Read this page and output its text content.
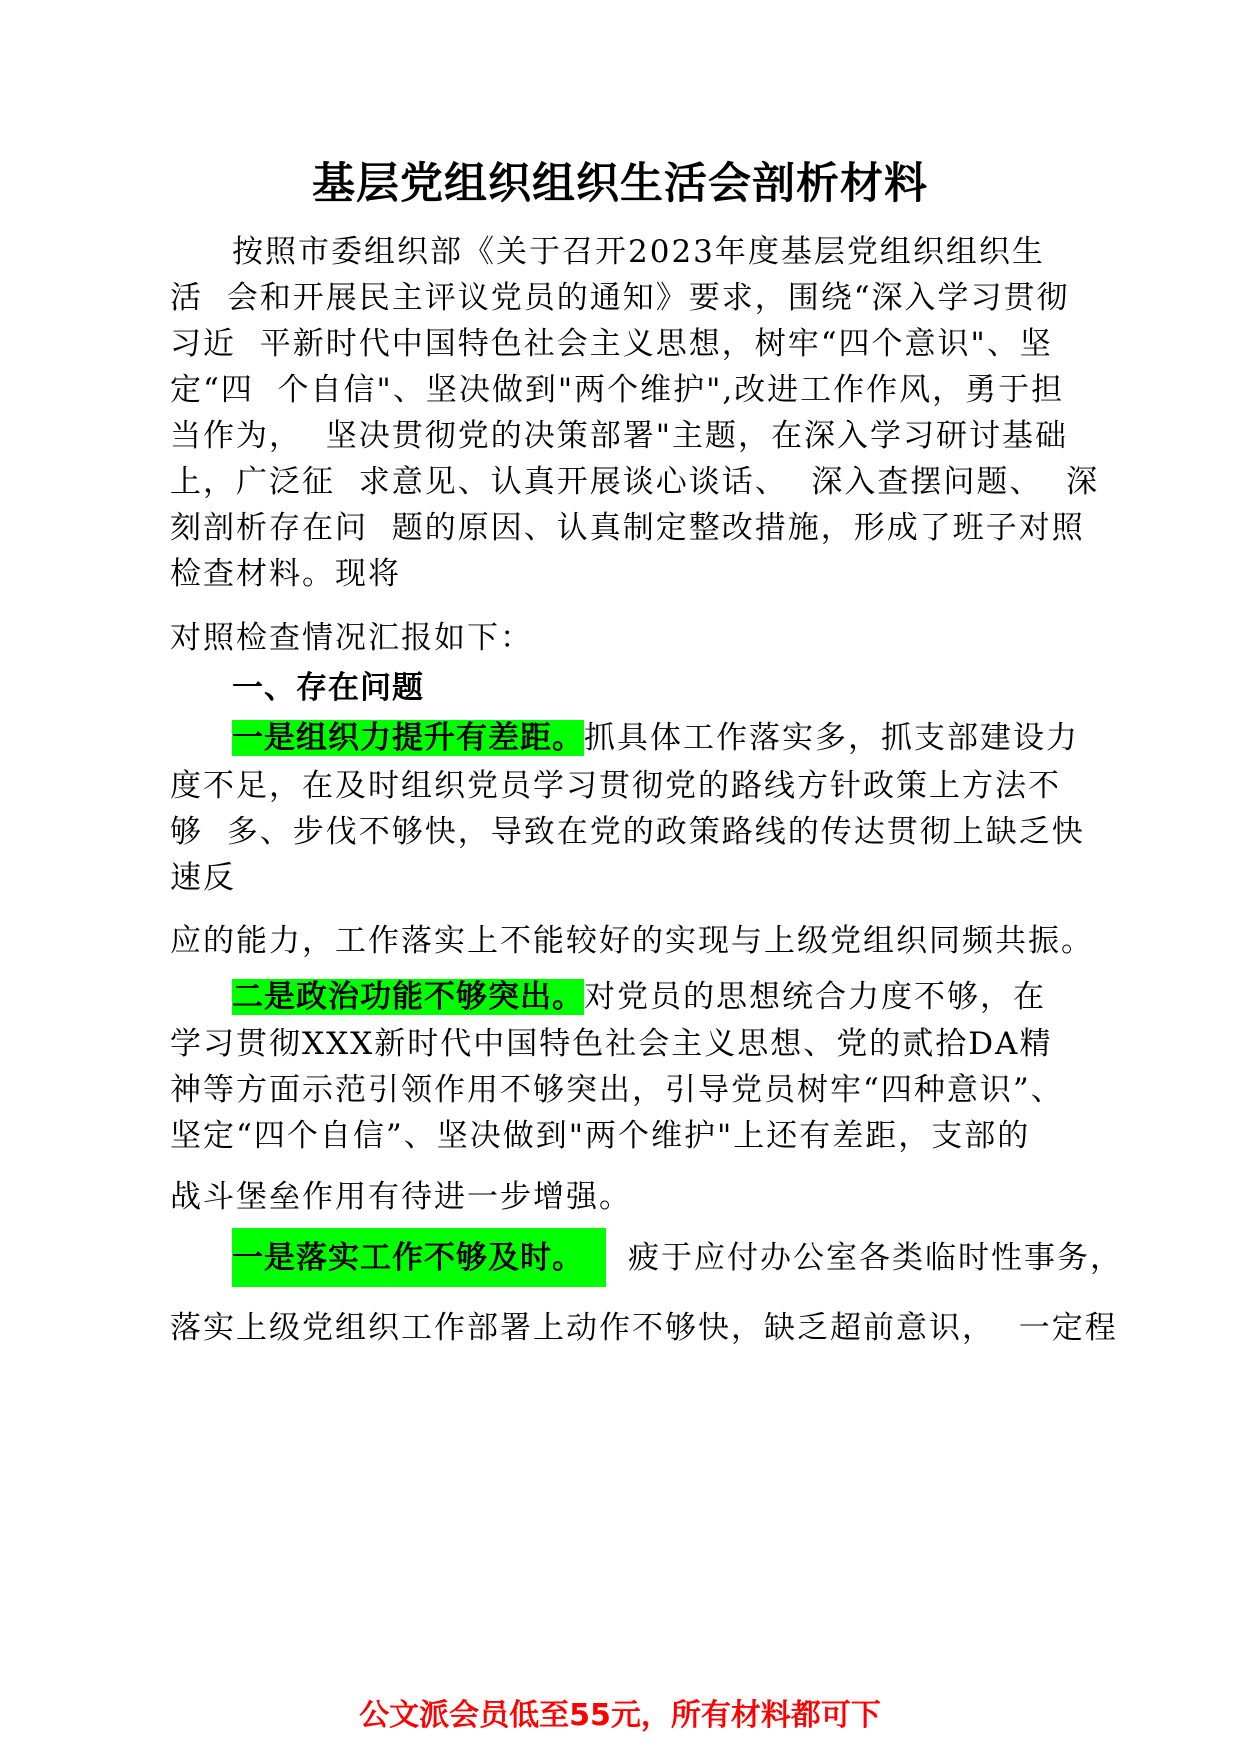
基层党组织组织生活会剖析材料

按照市委组织部《关于召开2023年度基层党组织组织生

活  会和开展民主评议党员的通知》要求，围绕“深入学习贯彻

习近  平新时代中国特色社会主义思想，树牢“四个意识"、坚

定“四  个自信"、坚决做到"两个维护",改进工作作风，勇于担

当作为，  坚决贯彻党的决策部署"主题，在深入学习研讨基础

上，广泛征  求意见、认真开展谈心谈话、  深入查摆问题、  深

刻剖析存在问  题的原因、认真制定整改措施，形成了班子对照

检查材料。现将

对照检查情况汇报如下：

一、存在问题

一是组织力提升有差距。抓具体工作落实多，抓支部建设力

度不足，在及时组织党员学习贯彻党的路线方针政策上方法不

够  多、步伐不够快，导致在党的政策路线的传达贯彻上缺乏快

速反

应的能力，工作落实上不能较好的实现与上级党组织同频共振。

二是政治功能不够突出。对党员的思想统合力度不够，在

学习贯彻XXX新时代中国特色社会主义思想、党的贰拾DA精

神等方面示范引领作用不够突出，引导党员树牢“四种意识”、

坚定“四个自信”、坚决做到"两个维护"上还有差距，支部的

战斗堡垒作用有待进一步增强。

一是落实工作不够及时。 疲于应付办公室各类临时性事务，

落实上级党组织工作部署上动作不够快，缺乏超前意识，  一定程

公文派会员低至55元，所有材料都可下
